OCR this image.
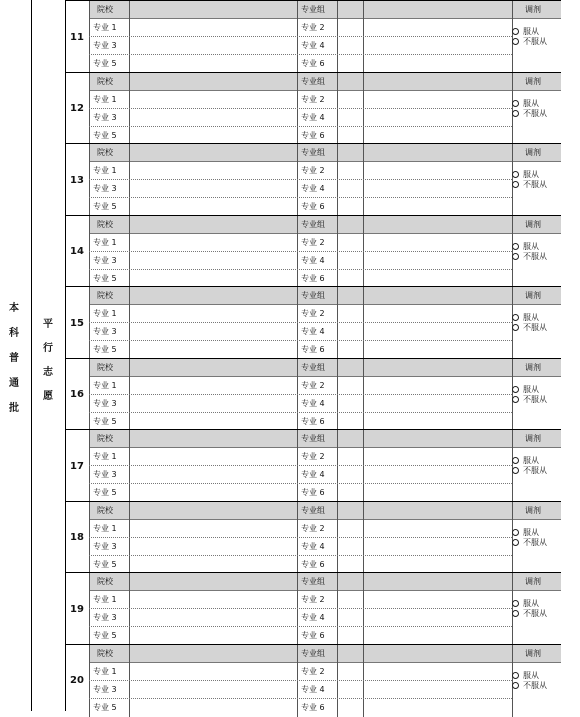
本
科
普
通
批
平
行
志
愿
11
院校	专业组	调剂
专业 1	专业 2
专业 3	专业 4
专业 5	专业 6
服从
不服从
12
院校	专业组	调剂
专业 1	专业 2
专业 3	专业 4
专业 5	专业 6
服从
不服从
13
院校	专业组	调剂
专业 1	专业 2
专业 3	专业 4
专业 5	专业 6
服从
不服从
14
院校	专业组	调剂
专业 1	专业 2
专业 3	专业 4
专业 5	专业 6
服从
不服从
15
院校	专业组	调剂
专业 1	专业 2
专业 3	专业 4
专业 5	专业 6
服从
不服从
16
院校	专业组	调剂
专业 1	专业 2
专业 3	专业 4
专业 5	专业 6
服从
不服从
17
院校	专业组	调剂
专业 1	专业 2
专业 3	专业 4
专业 5	专业 6
服从
不服从
18
院校	专业组	调剂
专业 1	专业 2
专业 3	专业 4
专业 5	专业 6
服从
不服从
19
院校	专业组	调剂
专业 1	专业 2
专业 3	专业 4
专业 5	专业 6
服从
不服从
20
院校	专业组	调剂
专业 1	专业 2
专业 3	专业 4
专业 5	专业 6
服从
不服从
